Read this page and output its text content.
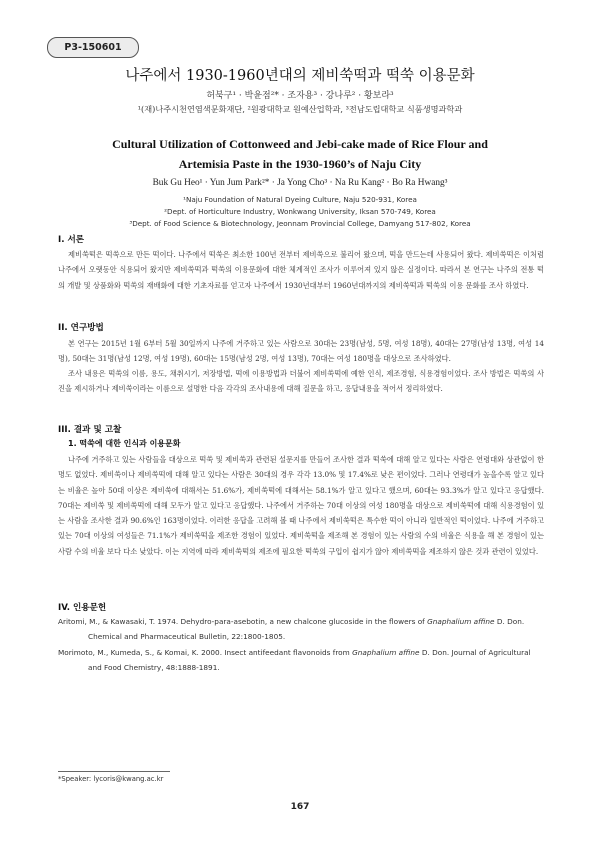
P3-150601
나주에서 1930-1960년대의 제비쑥떡과 떡쑥 이용문화
허북구¹ · 박윤점²* · 조자용³ · 강나루² · 황보라³
¹(재)나주시천연염색문화재단, ²원광대학교 원예산업학과, ³전남도립대학교 식품생명과학과
Cultural Utilization of Cottonweed and Jebi-cake made of Rice Flour and
Artemisia Paste in the 1930-1960’s of Naju City
Buk Gu Heo¹ · Yun Jum Park²* · Ja Yong Cho³ · Na Ru Kang² · Bo Ra Hwang³
¹Naju Foundation of Natural Dyeing Culture, Naju 520-931, Korea
²Dept. of Horticulture Industry, Wonkwang University, Iksan 570-749, Korea
³Dept. of Food Science & Biotechnology, Jeonnam Provincial College, Damyang 517-802, Korea
I. 서론

제비쑥떡은 떡쑥으로 만든 떡이다. 나주에서 떡쑥은 최소한 100년 전부터 제비쑥으로 불리어 왔으며, 떡을 만드는데 사용되어 왔다. 제비쑥떡은 이처럼 나주에서 오랫동안 식용되어 왔지만 제비쑥떡과 떡쑥의 이용문화에 대한 체계적인 조사가 이루어져 있지 않은 실정이다. 따라서 본 연구는 나주의 전통 떡의 개발 및 상품화와 떡쑥의 재배화에 대한 기초자료를 얻고자 나주에서 1930년대부터 1960년대까지의 제비쑥떡과 떡쑥의 이용 문화를 조사 하였다.

II. 연구방법

본 연구는 2015년 1월 6부터 5월 30일까지 나주에 거주하고 있는 사람으로 30대는 23명(남성, 5명, 여성 18명), 40대는 27명(남성 13명, 여성 14명), 50대는 31명(남성 12명, 여성 19명), 60대는 15명(남성 2명, 여성 13명), 70대는 여성 180명을 대상으로 조사하였다.

조사 내용은 떡쑥의 이름, 용도, 채취시기, 저장방법, 떡에 이용방법과 더불어 제비쑥떡에 예한 인식, 제조경험, 식용경험이었다. 조사 방법은 떡쑥의 사진을 제시하거나 제비쑥이라는 이름으로 설명한 다음 각각의 조사내용에 대해 질문을 하고, 응답내용을 적어서 정리하였다.

III. 결과 및 고찰
1. 떡쑥에 대한 인식과 이용문화

나주에 거주하고 있는 사람들을 대상으로 떡쑥 및 제비쑥과 관련된 설문지를 만들어 조사한 결과 떡쑥에 대해 알고 있다는 사람은 연령대와 상관없이 한 명도 없었다. 제비쑥이나 제비쑥떡에 대해 알고 있다는 사람은 30대의 경우 각각 13.0% 및 17.4%로 낮은 편이었다. 그러나 연령대가 높을수록 알고 있다는 비율은 높아 50대 이상은 제비쑥에 대해서는 51.6%가, 제비쑥떡에 대해서는 58.1%가 알고 있다고 했으며, 60대는 93.3%가 알고 있다고 응답했다. 70대는 제비쑥 및 제비쑥떡에 대해 모두가 알고 있다고 응답했다. 나주에서 거주하는 70대 이상의 여성 180명을 대상으로 제비쑥떡에 대해 식용경험이 있는 사람을 조사한 결과 90.6%인 163명이었다. 이러한 응답을 고려해 볼 때 나주에서 제비쑥떡은 특수한 떡이 아니라 일반적인 떡이었다. 나주에 거주하고 있는 70대 이상의 여성들은 71.1%가 제비쑥떡을 제조한 경험이 있었다. 제비쑥떡을 제조해 본 경험이 있는 사람의 수의 비율은 식용을 해 본 경험이 있는 사람 수의 비율 보다 다소 낮았다. 이는 지역에 따라 제비쑥떡의 제조에 필요한 떡쑥의 구입이 쉽지가 않아 제비쑥떡을 제조하지 않은 것과 관련이 있었다.

IV. 인용문헌

Aritomi, M., & Kawasaki, T. 1974. Dehydro-para-asebotin, a new chalcone glucoside in the flowers of Gnaphalium affine D. Don. Chemical and Pharmaceutical Bulletin, 22:1800-1805.

Morimoto, M., Kumeda, S., & Komai, K. 2000. Insect antifeedant flavonoids from Gnaphalium affine D. Don. Journal of Agricultural and Food Chemistry, 48:1888-1891.

*Speaker: lycoris@kwang.ac.kr
167
